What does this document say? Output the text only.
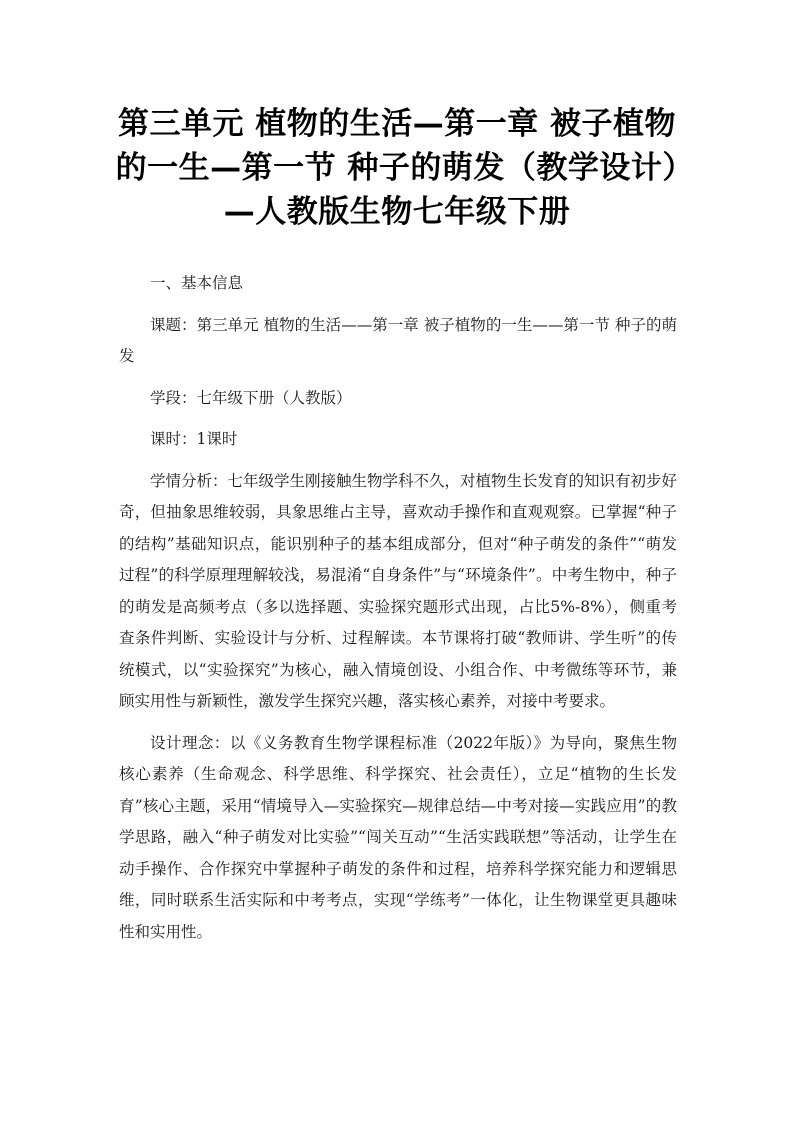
第三单元 植物的生活—第一章 被子植物的一生—第一节 种子的萌发（教学设计）—人教版生物七年级下册

一、基本信息

课题：第三单元 植物的生活——第一章 被子植物的一生——第一节 种子的萌发

学段：七年级下册（人教版）

课时：1课时

学情分析：七年级学生刚接触生物学科不久，对植物生长发育的知识有初步好奇，但抽象思维较弱，具象思维占主导，喜欢动手操作和直观观察。已掌握“种子的结构”基础知识点，能识别种子的基本组成部分，但对“种子萌发的条件”“萌发过程”的科学原理理解较浅，易混淆“自身条件”与“环境条件”。中考生物中，种子的萌发是高频考点（多以选择题、实验探究题形式出现，占比5%-8%），侧重考查条件判断、实验设计与分析、过程解读。本节课将打破“教师讲、学生听”的传统模式，以“实验探究”为核心，融入情境创设、小组合作、中考微练等环节，兼顾实用性与新颖性，激发学生探究兴趣，落实核心素养，对接中考要求。

设计理念：以《义务教育生物学课程标准（2022年版）》为导向，聚焦生物核心素养（生命观念、科学思维、科学探究、社会责任），立足“植物的生长发育”核心主题，采用“情境导入—实验探究—规律总结—中考对接—实践应用”的教学思路，融入“种子萌发对比实验”“闯关互动”“生活实践联想”等活动，让学生在动手操作、合作探究中掌握种子萌发的条件和过程，培养科学探究能力和逻辑思维，同时联系生活实际和中考考点，实现“学练考”一体化，让生物课堂更具趣味性和实用性。
